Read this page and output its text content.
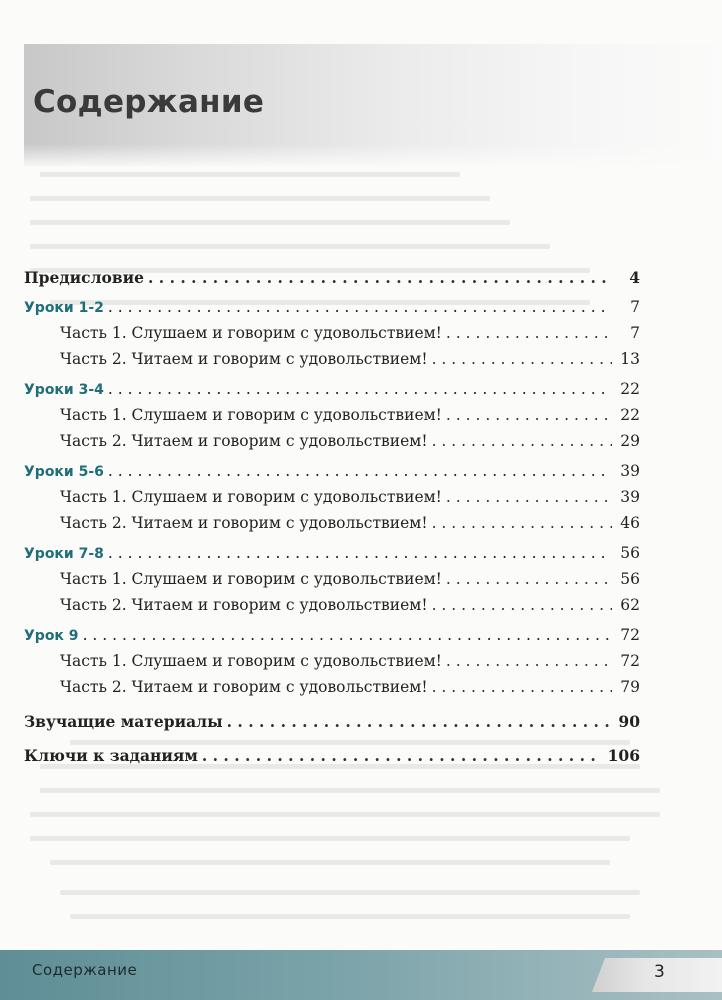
Содержание
Предисловие . . .	4
Уроки 1-2 . . .	7
Часть 1. Слушаем и говорим с удовольствием! . . .	7
Часть 2. Читаем и говорим с удовольствием! . . .	13
Уроки 3-4 . . .	22
Часть 1. Слушаем и говорим с удовольствием! . . .	22
Часть 2. Читаем и говорим с удовольствием! . . .	29
Уроки 5-6 . . .	39
Часть 1. Слушаем и говорим с удовольствием! . . .	39
Часть 2. Читаем и говорим с удовольствием! . . .	46
Уроки 7-8 . . .	56
Часть 1. Слушаем и говорим с удовольствием! . . .	56
Часть 2. Читаем и говорим с удовольствием! . . .	62
Урок 9 . . .	72
Часть 1. Слушаем и говорим с удовольствием! . . .	72
Часть 2. Читаем и говорим с удовольствием! . . .	79
Звучащие материалы . . .	90
Ключи к заданиям . . .	106
Содержание	3
